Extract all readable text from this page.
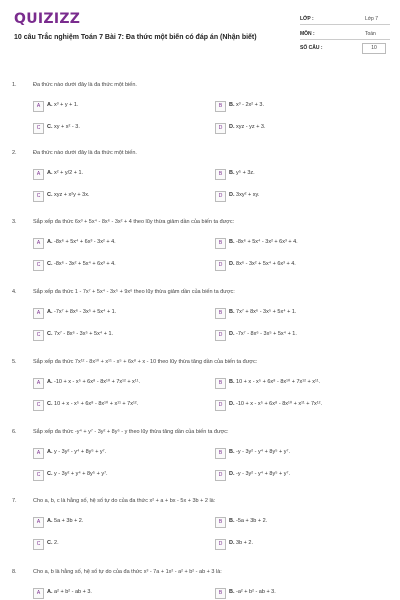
QUIZIZZ
10 câu Trắc nghiệm Toán 7 Bài 7: Đa thức một biến có đáp án (Nhận biết)
LỚP :	Lớp 7
MÔN :	Toán
SỐ CÂU :	10
1.	Đa thức nào dưới đây là đa thức một biến.
A	A. x³ + y + 1.	B	B. x³ - 2x² + 3.
C	C. xy + x² - 3.	D	D. xyz - yz + 3.
2.	Đa thức nào dưới đây là đa thức một biến.
A	A. x² + y/2 + 1.	B	B. y⁵ + 3z.
C	C. xyz + x²y + 3x.	D	D. 3xy² + xy.
3.	Sắp xếp đa thức 6x³ + 5x⁴ - 8x⁶ - 3x² + 4 theo lũy thừa giảm dần của biến ta được:
A	A. -8x⁶ + 5x⁴ + 6x³ - 3x² + 4.	B	B. -8x⁶ + 5x⁴ - 3x² + 6x³ + 4.
C	C. -8x⁶ - 3x² + 5x⁴ + 6x³ + 4.	D	D. 8x⁶ - 3x² + 5x⁴ + 6x³ + 4.
4.	Sắp xếp đa thức 1 - 7x⁷ + 5x⁴ - 3x⁵ + 9x⁶ theo lũy thừa giảm dần của biến ta được:
A	A. -7x⁷ + 8x⁶ - 3x⁵ + 5x⁴ + 1.	B	B. 7x⁷ + 8x⁶ - 3x⁵ + 5x⁴ + 1.
C	C. 7x⁷ - 8x⁶ - 3x⁵ + 5x⁴ + 1.	D	D. -7x⁷ - 8x⁶ - 3x⁵ + 5x⁴ + 1.
5.	Sắp xếp đa thức 7x¹² - 8x¹⁰ + x¹¹ - x⁵ + 6x⁸ + x - 10 theo lũy thừa tăng dần của biến ta được:
A	A. -10 + x - x⁵ + 6x⁸ - 8x¹⁰ + 7x¹² + x¹¹.	B	B. 10 + x - x⁵ + 6x⁸ - 8x¹⁰ + 7x¹² + x¹¹.
C	C. 10 + x - x⁵ + 6x⁸ - 8x¹⁰ + x¹¹ + 7x¹².	D	D. -10 + x - x⁵ + 6x⁸ - 8x¹⁰ + x¹¹ + 7x¹².
6.	Sắp xếp đa thức -y⁴ + y⁷ - 3y² + 8y⁵ - y theo lũy thừa tăng dần của biến ta được:
A	A. y - 3y² - y⁴ + 8y⁵ + y⁷.	B	B. -y - 3y² - y⁴ + 8y⁵ + y⁷.
C	C. y - 3y² + y⁴ + 8y⁵ + y⁷.	D	D. -y - 3y² - y⁴ + 8y⁵ + y⁷.
7.	Cho a, b, c là hằng số, hệ số tự do của đa thức x² + a + bx - 5x + 3b + 2 là:
A	A. 5a + 3b + 2.	B	B. -5a + 3b + 2.
C	C. 2.	D	D. 3b + 2.
8.	Cho a, b là hằng số, hệ số tự do của đa thức x³ - 7a + 1x² - a² + b² - ab + 3 là:
A	A. a² + b² - ab + 3.	B	B. -a² + b² - ab + 3.
